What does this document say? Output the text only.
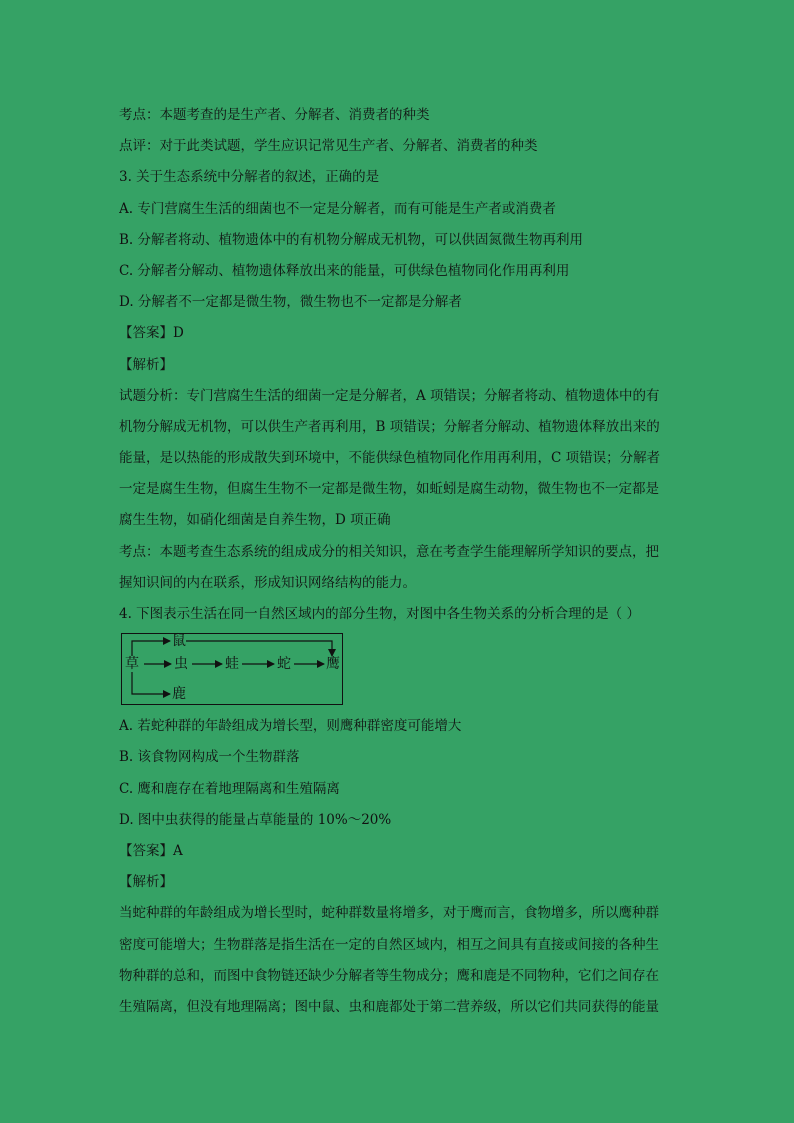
考点：本题考查的是生产者、分解者、消费者的种类
点评：对于此类试题，学生应识记常见生产者、分解者、消费者的种类
3. 关于生态系统中分解者的叙述，正确的是
A. 专门营腐生生活的细菌也不一定是分解者，而有可能是生产者或消费者
B. 分解者将动、植物遗体中的有机物分解成无机物，可以供固氮微生物再利用
C. 分解者分解动、植物遗体释放出来的能量，可供绿色植物同化作用再利用
D. 分解者不一定都是微生物，微生物也不一定都是分解者
【答案】D
【解析】
试题分析：专门营腐生生活的细菌一定是分解者，A 项错误；分解者将动、植物遗体中的有
机物分解成无机物，可以供生产者再利用，B 项错误；分解者分解动、植物遗体释放出来的
能量，是以热能的形成散失到环境中，不能供绿色植物同化作用再利用，C 项错误；分解者
一定是腐生生物，但腐生生物不一定都是微生物，如蚯蚓是腐生动物，微生物也不一定都是
腐生生物，如硝化细菌是自养生物，D 项正确
考点：本题考查生态系统的组成成分的相关知识，意在考查学生能理解所学知识的要点，把
握知识间的内在联系，形成知识网络结构的能力。
4. 下图表示生活在同一自然区域内的部分生物，对图中各生物关系的分析合理的是（ ）
草	虫	蛙	蛇	鹰
鼠
鹿
A. 若蛇种群的年龄组成为增长型，则鹰种群密度可能增大
B. 该食物网构成一个生物群落
C. 鹰和鹿存在着地理隔离和生殖隔离
D. 图中虫获得的能量占草能量的 10%～20%
【答案】A
【解析】
当蛇种群的年龄组成为增长型时，蛇种群数量将增多，对于鹰而言，食物增多，所以鹰种群
密度可能增大；生物群落是指生活在一定的自然区域内，相互之间具有直接或间接的各种生
物种群的总和，而图中食物链还缺少分解者等生物成分；鹰和鹿是不同物种，它们之间存在
生殖隔离，但没有地理隔离；图中鼠、虫和鹿都处于第二营养级，所以它们共同获得的能量
